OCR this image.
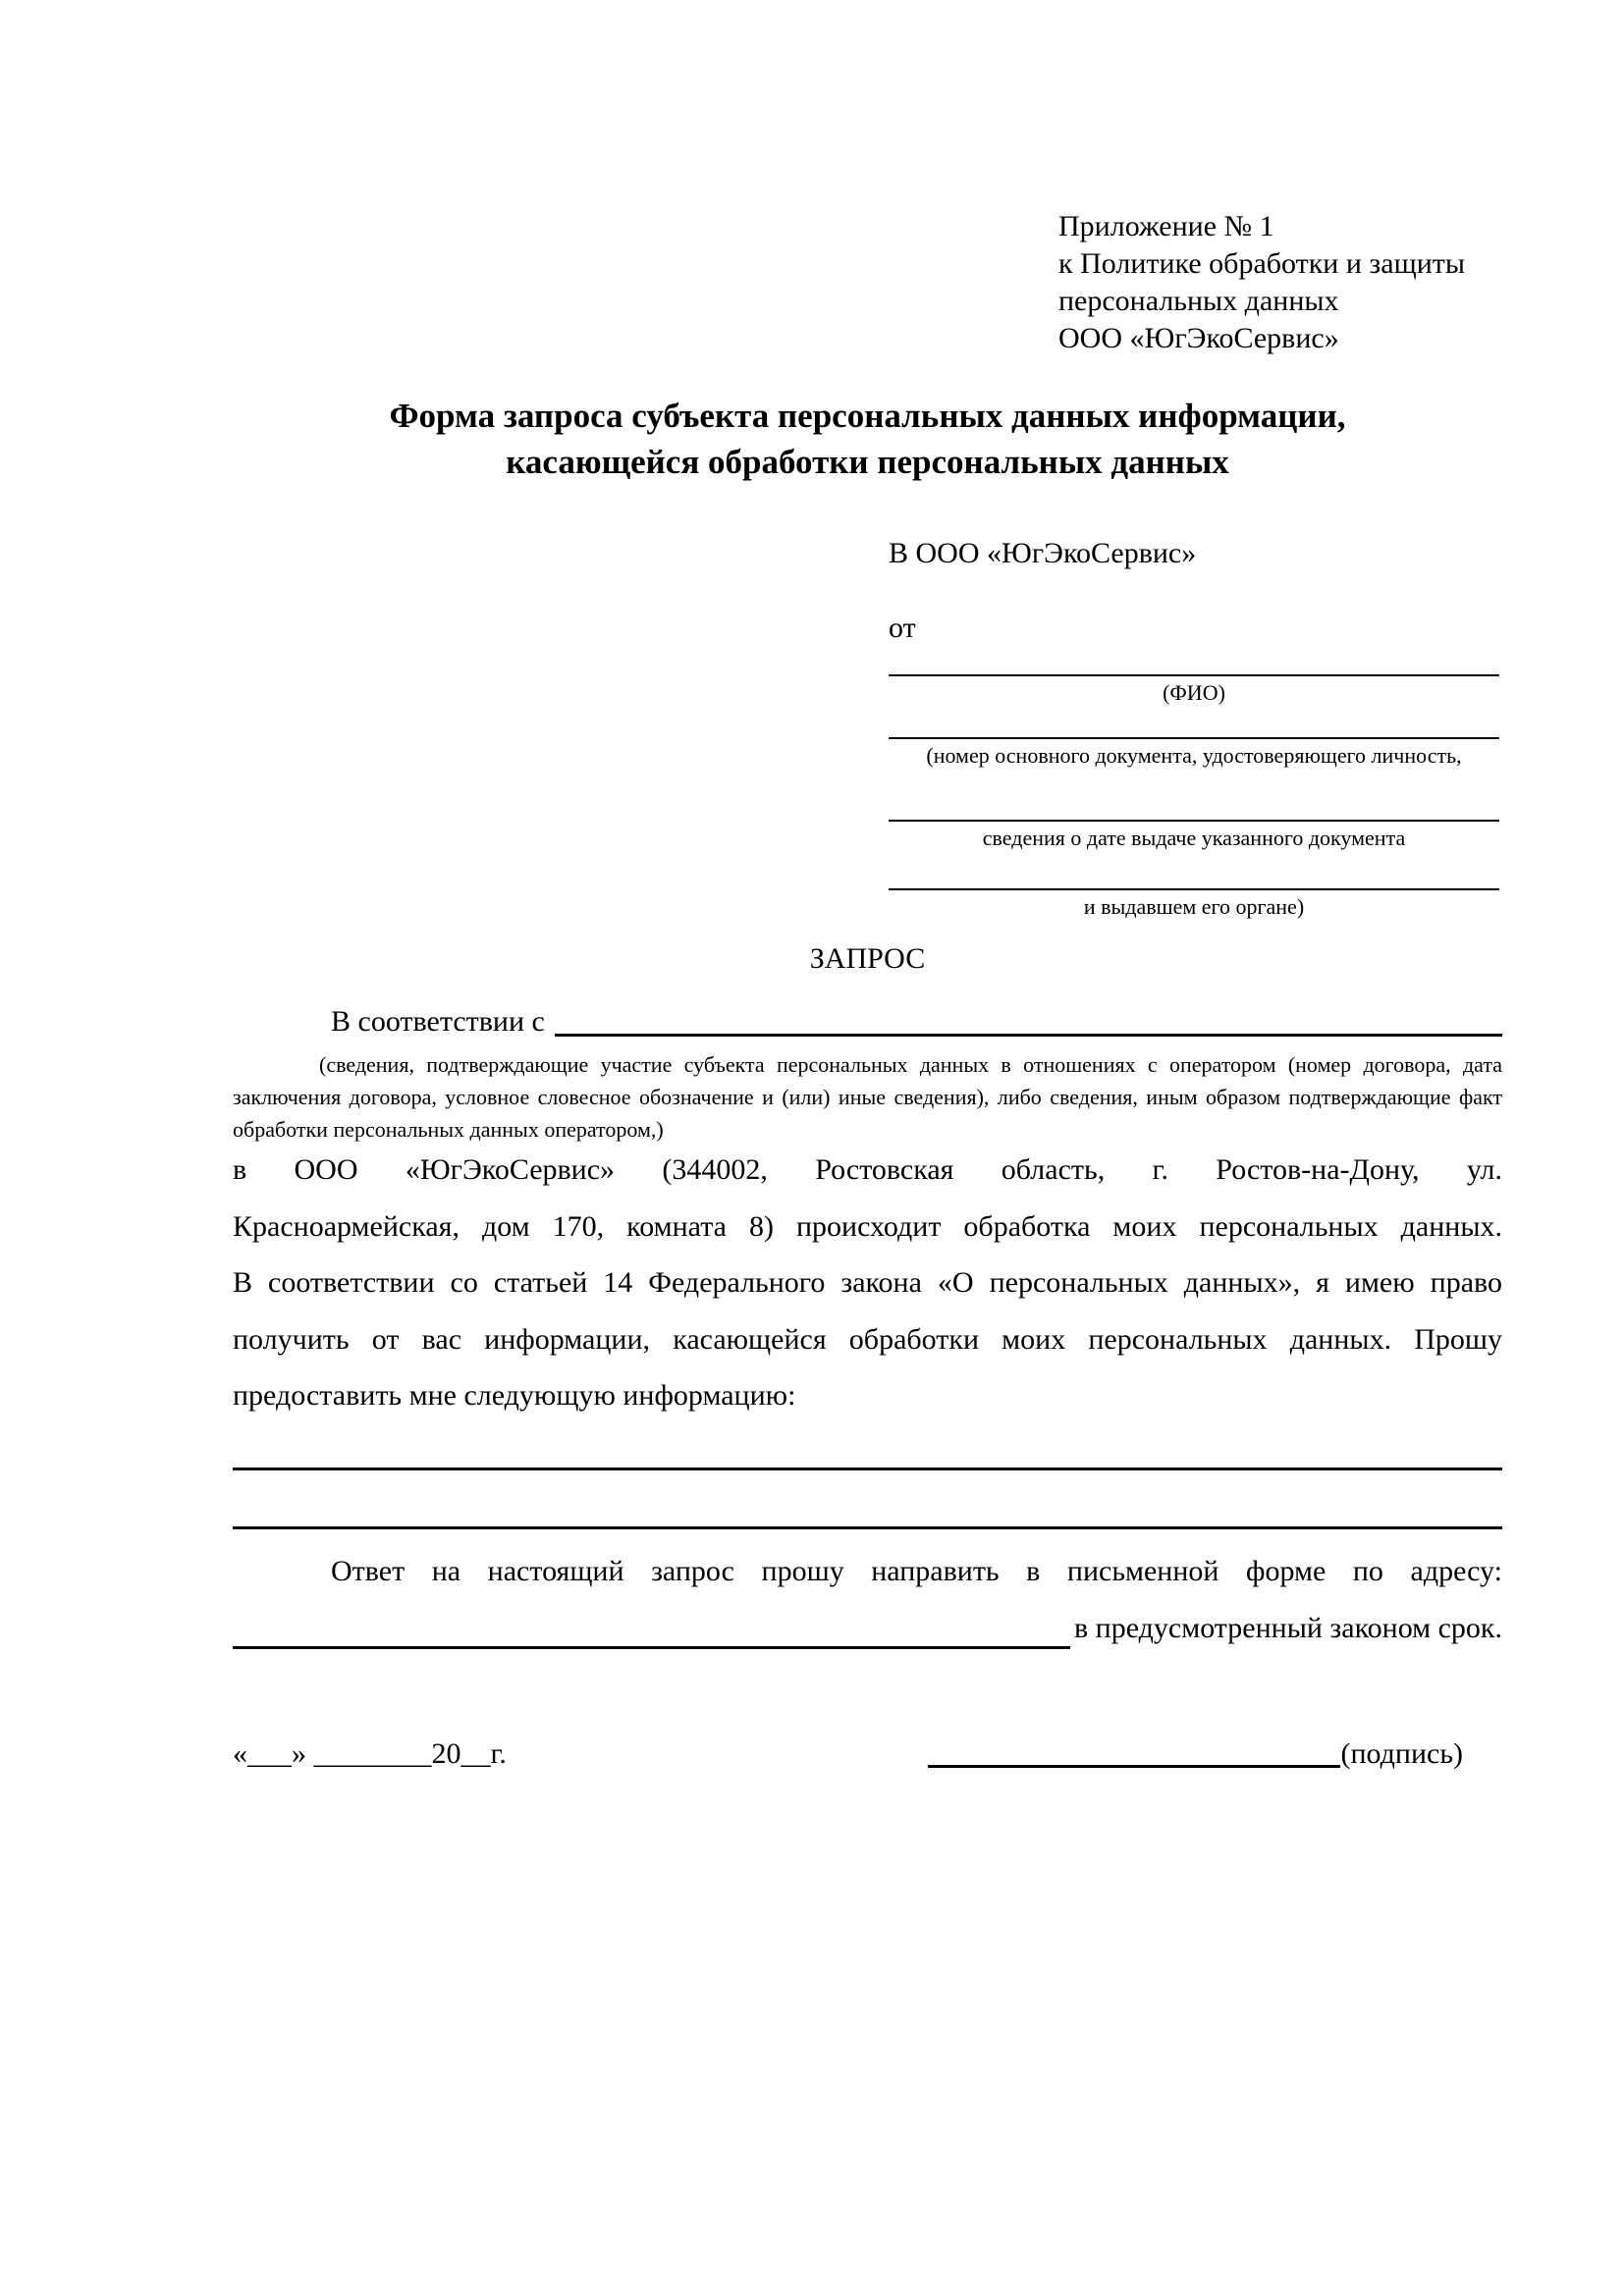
Приложение № 1
к Политике обработки и защиты
персональных данных
ООО «ЮгЭкоСервис»
Форма запроса субъекта персональных данных информации,
касающейся обработки персональных данных
В ООО «ЮгЭкоСервис»
от
(ФИО)
(номер основного документа, удостоверяющего личность,
сведения о дате выдаче указанного документа
и выдавшем его органе)
ЗАПРОС
В соответствии с
(сведения, подтверждающие участие субъекта персональных данных в отношениях с оператором (номер договора, дата
заключения договора, условное словесное обозначение и (или) иные сведения), либо сведения, иным образом подтверждающие факт
обработки персональных данных оператором,)
в ООО «ЮгЭкоСервис» (344002, Ростовская область, г. Ростов-на-Дону, ул.
Красноармейская, дом 170, комната 8) происходит обработка моих персональных данных.
В соответствии со статьей 14 Федерального закона «О персональных данных», я имею право
получить от вас информации, касающейся обработки моих персональных данных. Прошу
предоставить мне следующую информацию:
Ответ на настоящий запрос прошу направить в письменной форме по адресу:
в предусмотренный законом срок.
«___» ________20__г.	(подпись)
